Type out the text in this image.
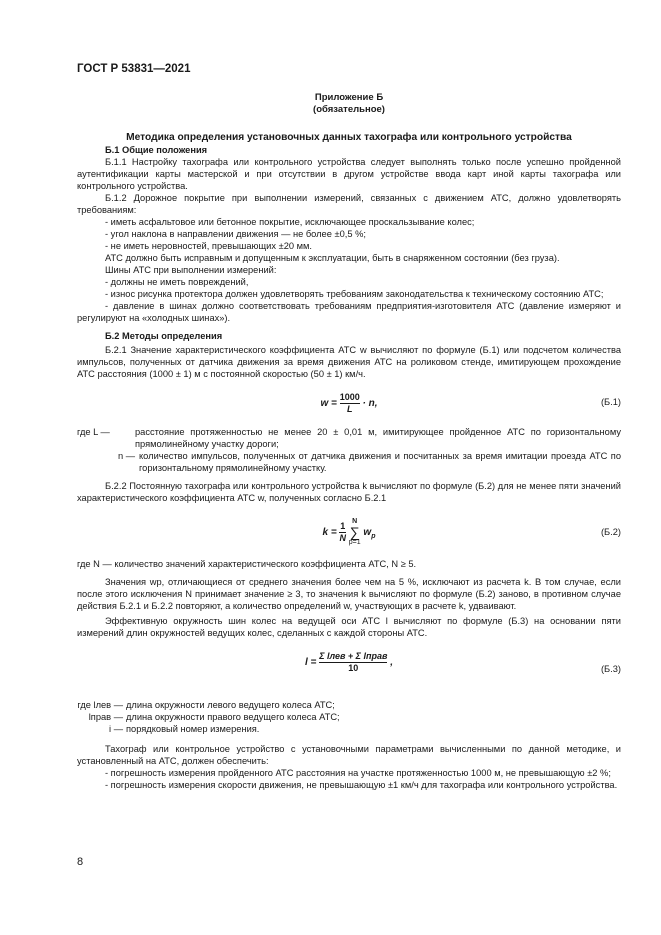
ГОСТ Р 53831—2021
Приложение Б
(обязательное)
Методика определения установочных данных тахографа или контрольного устройства
Б.1 Общие положения

Б.1.1 Настройку тахографа или контрольного устройства следует выполнять только после успешно пройденной аутентификации карты мастерской и при отсутствии в другом устройстве ввода карт иной карты тахографа или контрольного устройства.

Б.1.2 Дорожное покрытие при выполнении измерений, связанных с движением АТС, должно удовлетворять требованиям:

- иметь асфальтовое или бетонное покрытие, исключающее проскальзывание колес;

- угол наклона в направлении движения — не более ±0,5 %;

- не иметь неровностей, превышающих ±20 мм.

АТС должно быть исправным и допущенным к эксплуатации, быть в снаряженном состоянии (без груза).

Шины АТС при выполнении измерений:

- должны не иметь повреждений,

- износ рисунка протектора должен удовлетворять требованиям законодательства к техническому состоянию АТС;

- давление в шинах должно соответствовать требованиям предприятия-изготовителя АТС (давление измеряют и регулируют на «холодных шинах»).

Б.2 Методы определения

Б.2.1 Значение характеристического коэффициента АТС w вычисляют по формуле (Б.1) или подсчетом количества импульсов, полученных от датчика движения за время движения АТС на роликовом стенде, имитирующем прохождение АТС расстояния (1000 ± 1) м с постоянной скоростью (50 ± 1) км/ч.

$w = \frac{1000}{L} \cdot n$,	(Б.1)
где L —	расстояние протяженностью не менее 20 ± 0,01 м, имитирующее пройденное АТС по горизонтальному прямолинейному участку дороги;
n — количество импульсов, полученных от датчика движения и посчитанных за время имитации проезда АТС по горизонтальному прямолинейному участку.

Б.2.2 Постоянную тахографа или контрольного устройства k вычисляют по формуле (Б.2) для не менее пяти значений характеристического коэффициента АТС w, полученных согласно Б.2.1

$k = \frac{1}{N}$
N
∑
p=1
$w_p$	(Б.2)

где N — количество значений характеристического коэффициента АТС, N ≥ 5.

Значения wp, отличающиеся от среднего значения более чем на 5 %, исключают из расчета k. В том случае, если после этого исключения N принимает значение ≥ 3, то значения k вычисляют по формуле (Б.2) заново, в противном случае действия Б.2.1 и Б.2.2 повторяют, а количество определений w, участвующих в расчете k, удваивают.

Эффективную окружность шин колес на ведущей оси АТС l вычисляют по формуле (Б.3) на основании пяти измерений длин окружностей ведущих колес, сделанных с каждой стороны АТС.

$l = \frac{\text{Σ lлев + Σ lправ}}{10}$ ,
(Б.3)
где lлев — длина окружности левого ведущего колеса АТС;
lправ — длина окружности правого ведущего колеса АТС;
i — порядковый номер измерения.

Тахограф или контрольное устройство с установочными параметрами вычисленными по данной методике, и установленный на АТС, должен обеспечить:

- погрешность измерения пройденного АТС расстояния на участке протяженностью 1000 м, не превышающую ±2 %;

- погрешность измерения скорости движения, не превышающую ±1 км/ч для тахографа или контрольного устройства.

8
